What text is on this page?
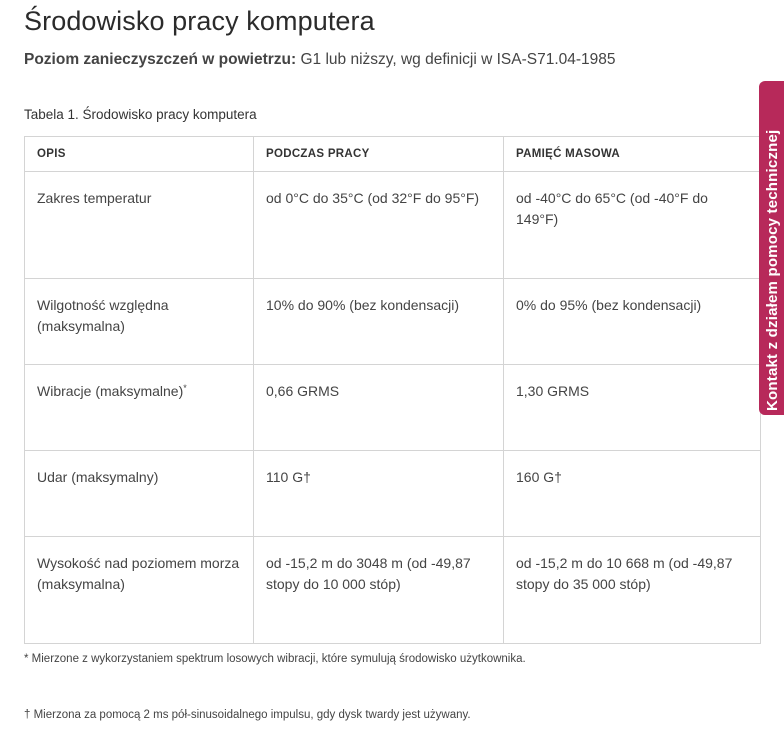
Środowisko pracy komputera
Poziom zanieczyszczeń w powietrzu: G1 lub niższy, wg definicji w ISA-S71.04-1985
Tabela 1. Środowisko pracy komputera
OPIS	PODCZAS PRACY	PAMIĘĆ MASOWA
Zakres temperatur	od 0°C do 35°C (od 32°F do 95°F)	od -40°C do 65°C (od -40°F do 149°F)
Wilgotność względna (maksymalna)	10% do 90% (bez kondensacji)	0% do 95% (bez kondensacji)
Wibracje (maksymalne)*	0,66 GRMS	1,30 GRMS
Udar (maksymalny)	110 G†	160 G†
Wysokość nad poziomem morza (maksymalna)	od -15,2 m do 3048 m (od -49,87 stopy do 10 000 stóp)	od -15,2 m do 10 668 m (od -49,87 stopy do 35 000 stóp)
* Mierzone z wykorzystaniem spektrum losowych wibracji, które symulują środowisko użytkownika.
† Mierzona za pomocą 2 ms pół-sinusoidalnego impulsu, gdy dysk twardy jest używany.
Kontakt z działem pomocy technicznej
